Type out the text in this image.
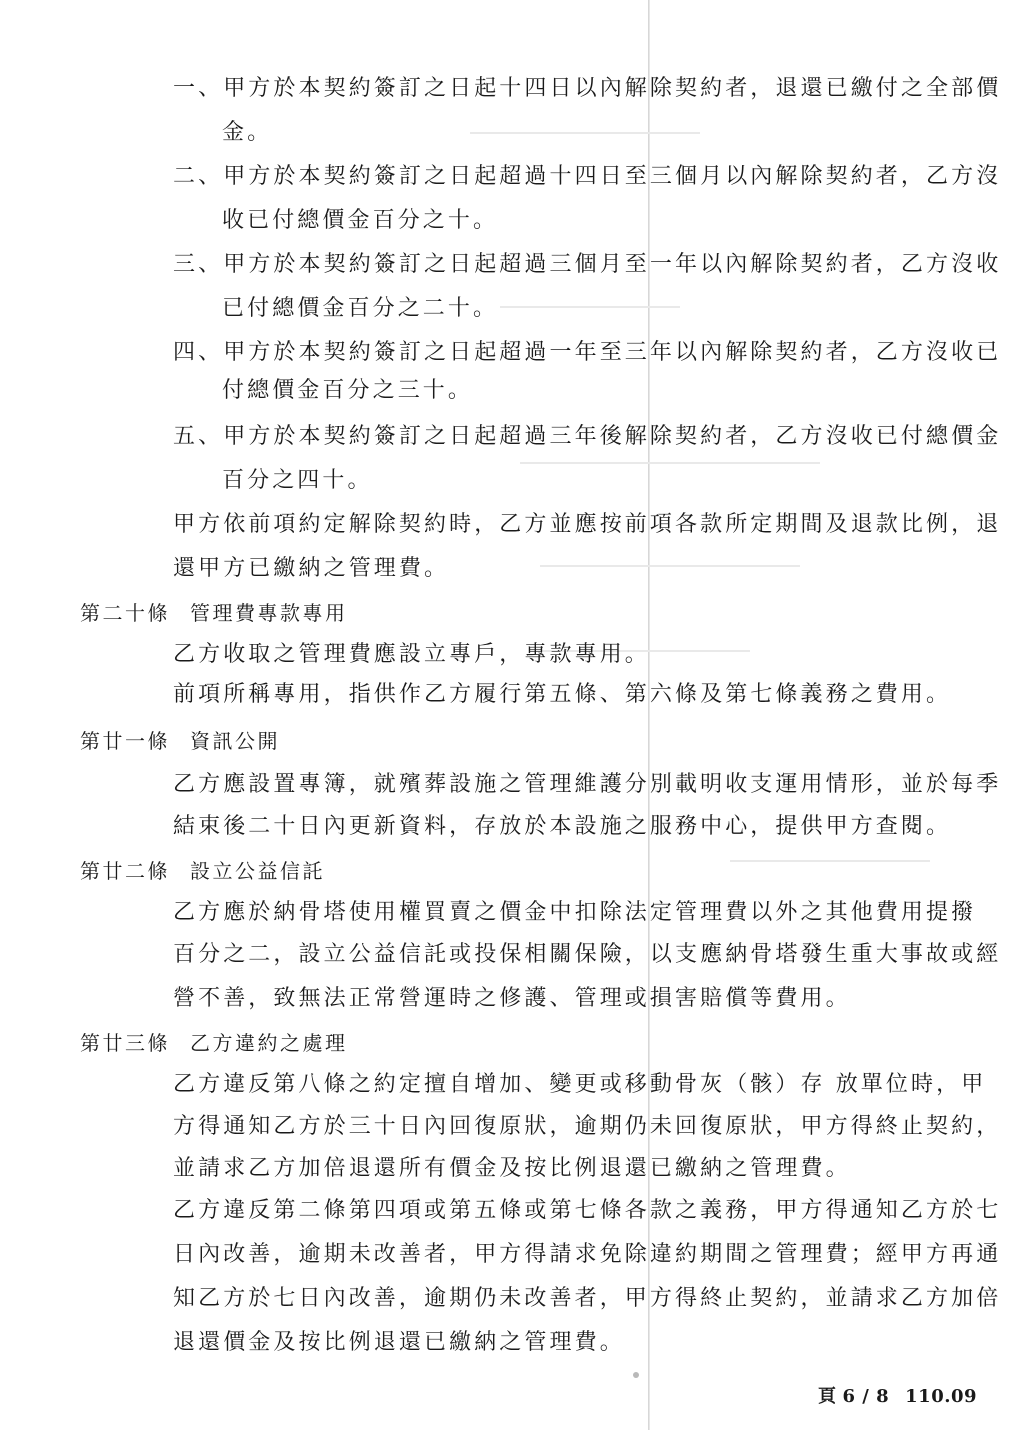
一、甲方於本契約簽訂之日起十四日以內解除契約者，退還已繳付之全部價
金。
二、甲方於本契約簽訂之日起超過十四日至三個月以內解除契約者，乙方沒
收已付總價金百分之十。
三、甲方於本契約簽訂之日起超過三個月至一年以內解除契約者，乙方沒收
已付總價金百分之二十。
四、甲方於本契約簽訂之日起超過一年至三年以內解除契約者，乙方沒收已
付總價金百分之三十。
五、甲方於本契約簽訂之日起超過三年後解除契約者，乙方沒收已付總價金
百分之四十。
甲方依前項約定解除契約時，乙方並應按前項各款所定期間及退款比例，退
還甲方已繳納之管理費。
第二十條 管理費專款專用
乙方收取之管理費應設立專戶，專款專用。
前項所稱專用，指供作乙方履行第五條、第六條及第七條義務之費用。
第廿一條 資訊公開
乙方應設置專簿，就殯葬設施之管理維護分別載明收支運用情形，並於每季
結束後二十日內更新資料，存放於本設施之服務中心，提供甲方查閱。
第廿二條 設立公益信託
乙方應於納骨塔使用權買賣之價金中扣除法定管理費以外之其他費用提撥
百分之二，設立公益信託或投保相關保險，以支應納骨塔發生重大事故或經
營不善，致無法正常營運時之修護、管理或損害賠償等費用。
第廿三條 乙方違約之處理
乙方違反第八條之約定擅自增加、變更或移動骨灰（骸）存 放單位時，甲
方得通知乙方於三十日內回復原狀，逾期仍未回復原狀，甲方得終止契約，
並請求乙方加倍退還所有價金及按比例退還已繳納之管理費。
乙方違反第二條第四項或第五條或第七條各款之義務，甲方得通知乙方於七
日內改善，逾期未改善者，甲方得請求免除違約期間之管理費；經甲方再通
知乙方於七日內改善，逾期仍未改善者，甲方得終止契約，並請求乙方加倍
退還價金及按比例退還已繳納之管理費。
頁 6 / 8 110.09
